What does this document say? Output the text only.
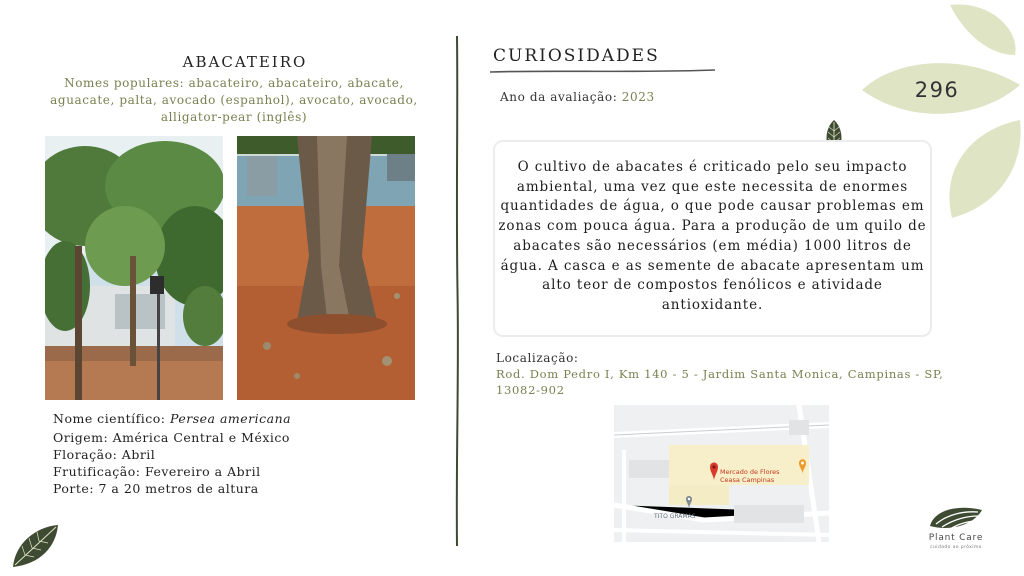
ABACATEIRO
Nomes populares: abacateiro, abacateiro, abacate, aguacate, palta, avocado (espanhol), avocato, avocado, alligator-pear (inglês)
Nome científico: Persea americana
Origem: América Central e México
Floração: Abril
Frutificação: Fevereiro a Abril
Porte: 7 a 20 metros de altura
CURIOSIDADES
Ano da avaliação: 2023
O cultivo de abacates é criticado pelo seu impacto ambiental, uma vez que este necessita de enormes quantidades de água, o que pode causar problemas em zonas com pouca água. Para a produção de um quilo de abacates são necessários (em média) 1000 litros de água. A casca e as semente de abacate apresentam um alto teor de compostos fenólicos e atividade antioxidante.
Localização:
Rod. Dom Pedro I, Km 140 - 5 - Jardim Santa Monica, Campinas - SP, 13082-902
Mercado de Flores
Ceasa Campinas
TITO GRAMAS
296
Plant Care
cuidado ao próximo
